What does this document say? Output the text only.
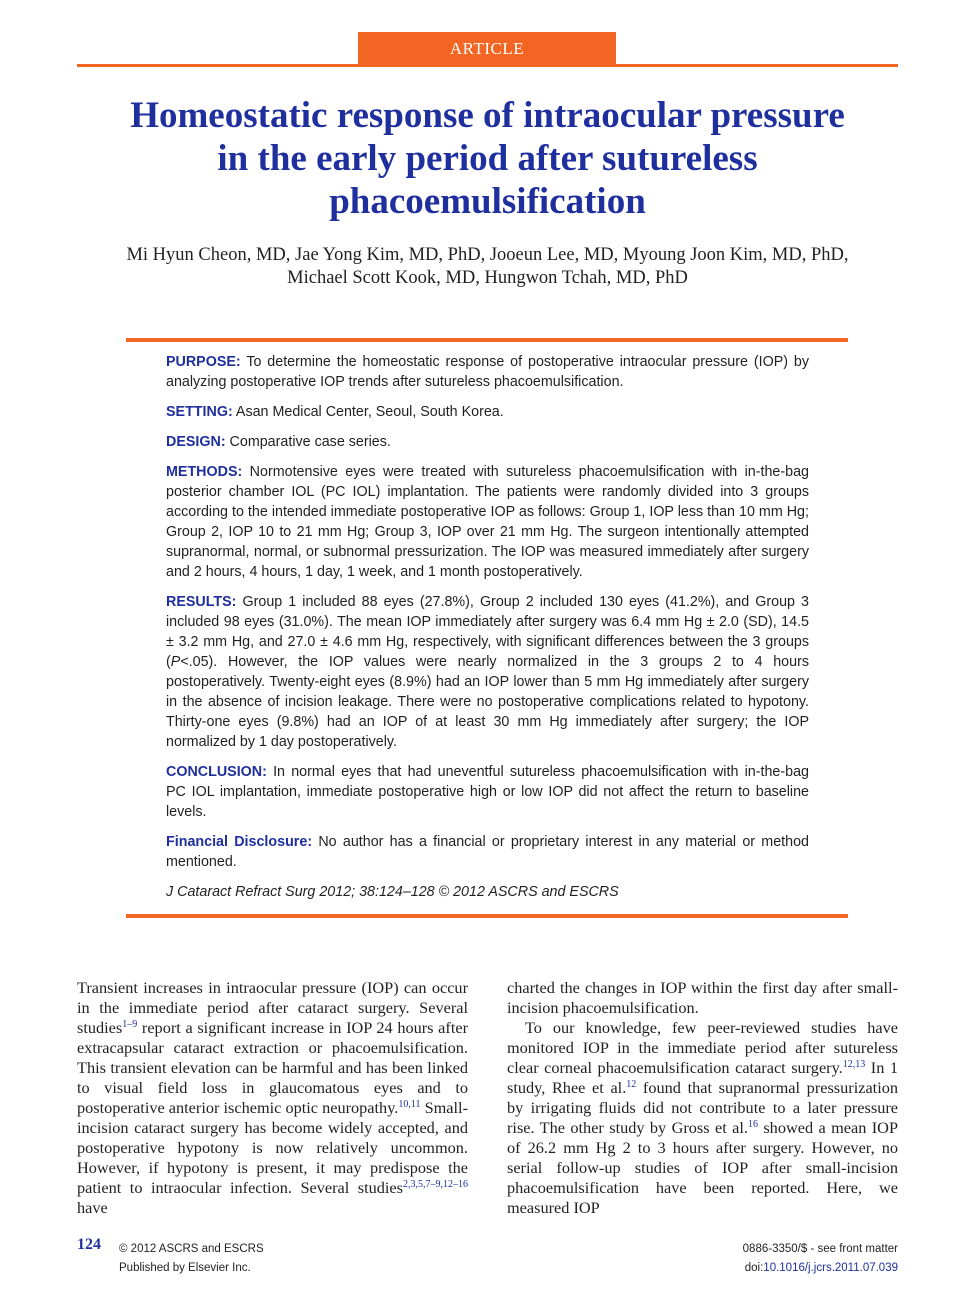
ARTICLE
Homeostatic response of intraocular pressure
in the early period after sutureless
phacoemulsification
Mi Hyun Cheon, MD, Jae Yong Kim, MD, PhD, Jooeun Lee, MD, Myoung Joon Kim, MD, PhD,
Michael Scott Kook, MD, Hungwon Tchah, MD, PhD

PURPOSE: To determine the homeostatic response of postoperative intraocular pressure (IOP) by analyzing postoperative IOP trends after sutureless phacoemulsification.

SETTING: Asan Medical Center, Seoul, South Korea.

DESIGN: Comparative case series.

METHODS: Normotensive eyes were treated with sutureless phacoemulsification with in-the-bag posterior chamber IOL (PC IOL) implantation. The patients were randomly divided into 3 groups according to the intended immediate postoperative IOP as follows: Group 1, IOP less than 10 mm Hg; Group 2, IOP 10 to 21 mm Hg; Group 3, IOP over 21 mm Hg. The surgeon intentionally attempted supranormal, normal, or subnormal pressurization. The IOP was measured immediately after surgery and 2 hours, 4 hours, 1 day, 1 week, and 1 month postoperatively.

RESULTS: Group 1 included 88 eyes (27.8%), Group 2 included 130 eyes (41.2%), and Group 3 included 98 eyes (31.0%). The mean IOP immediately after surgery was 6.4 mm Hg ± 2.0 (SD), 14.5 ± 3.2 mm Hg, and 27.0 ± 4.6 mm Hg, respectively, with significant differences between the 3 groups (P<.05). However, the IOP values were nearly normalized in the 3 groups 2 to 4 hours postoperatively. Twenty-eight eyes (8.9%) had an IOP lower than 5 mm Hg immediately after surgery in the absence of incision leakage. There were no postoperative complications related to hypotony. Thirty-one eyes (9.8%) had an IOP of at least 30 mm Hg immediately after surgery; the IOP normalized by 1 day postoperatively.

CONCLUSION: In normal eyes that had uneventful sutureless phacoemulsification with in-the-bag PC IOL implantation, immediate postoperative high or low IOP did not affect the return to baseline levels.

Financial Disclosure: No author has a financial or proprietary interest in any material or method mentioned.

J Cataract Refract Surg 2012; 38:124–128 © 2012 ASCRS and ESCRS

Transient increases in intraocular pressure (IOP) can occur in the immediate period after cataract surgery. Several studies$^{1-9}$ report a significant increase in IOP 24 hours after extracapsular cataract extraction or phacoemulsification. This transient elevation can be harmful and has been linked to visual field loss in glaucomatous eyes and to postoperative anterior ischemic optic neuropathy.$^{10,11}$ Small-incision cataract surgery has become widely accepted, and postoperative hypotony is now relatively uncommon. However, if hypotony is present, it may predispose the patient to intraocular infection. Several studies$^{2,3,5,7-9,12-16}$ have

charted the changes in IOP within the first day after small-incision phacoemulsification.

To our knowledge, few peer-reviewed studies have monitored IOP in the immediate period after sutureless clear corneal phacoemulsification cataract surgery.$^{12,13}$ In 1 study, Rhee et al.$^{12}$ found that supranormal pressurization by irrigating fluids did not contribute to a later pressure rise. The other study by Gross et al.$^{16}$ showed a mean IOP of 26.2 mm Hg 2 to 3 hours after surgery. However, no serial follow-up studies of IOP after small-incision phacoemulsification have been reported. Here, we measured IOP

124 © 2012 ASCRS and ESCRS
Published by Elsevier Inc.
0886-3350/$ - see front matter
doi:10.1016/j.jcrs.2011.07.039
